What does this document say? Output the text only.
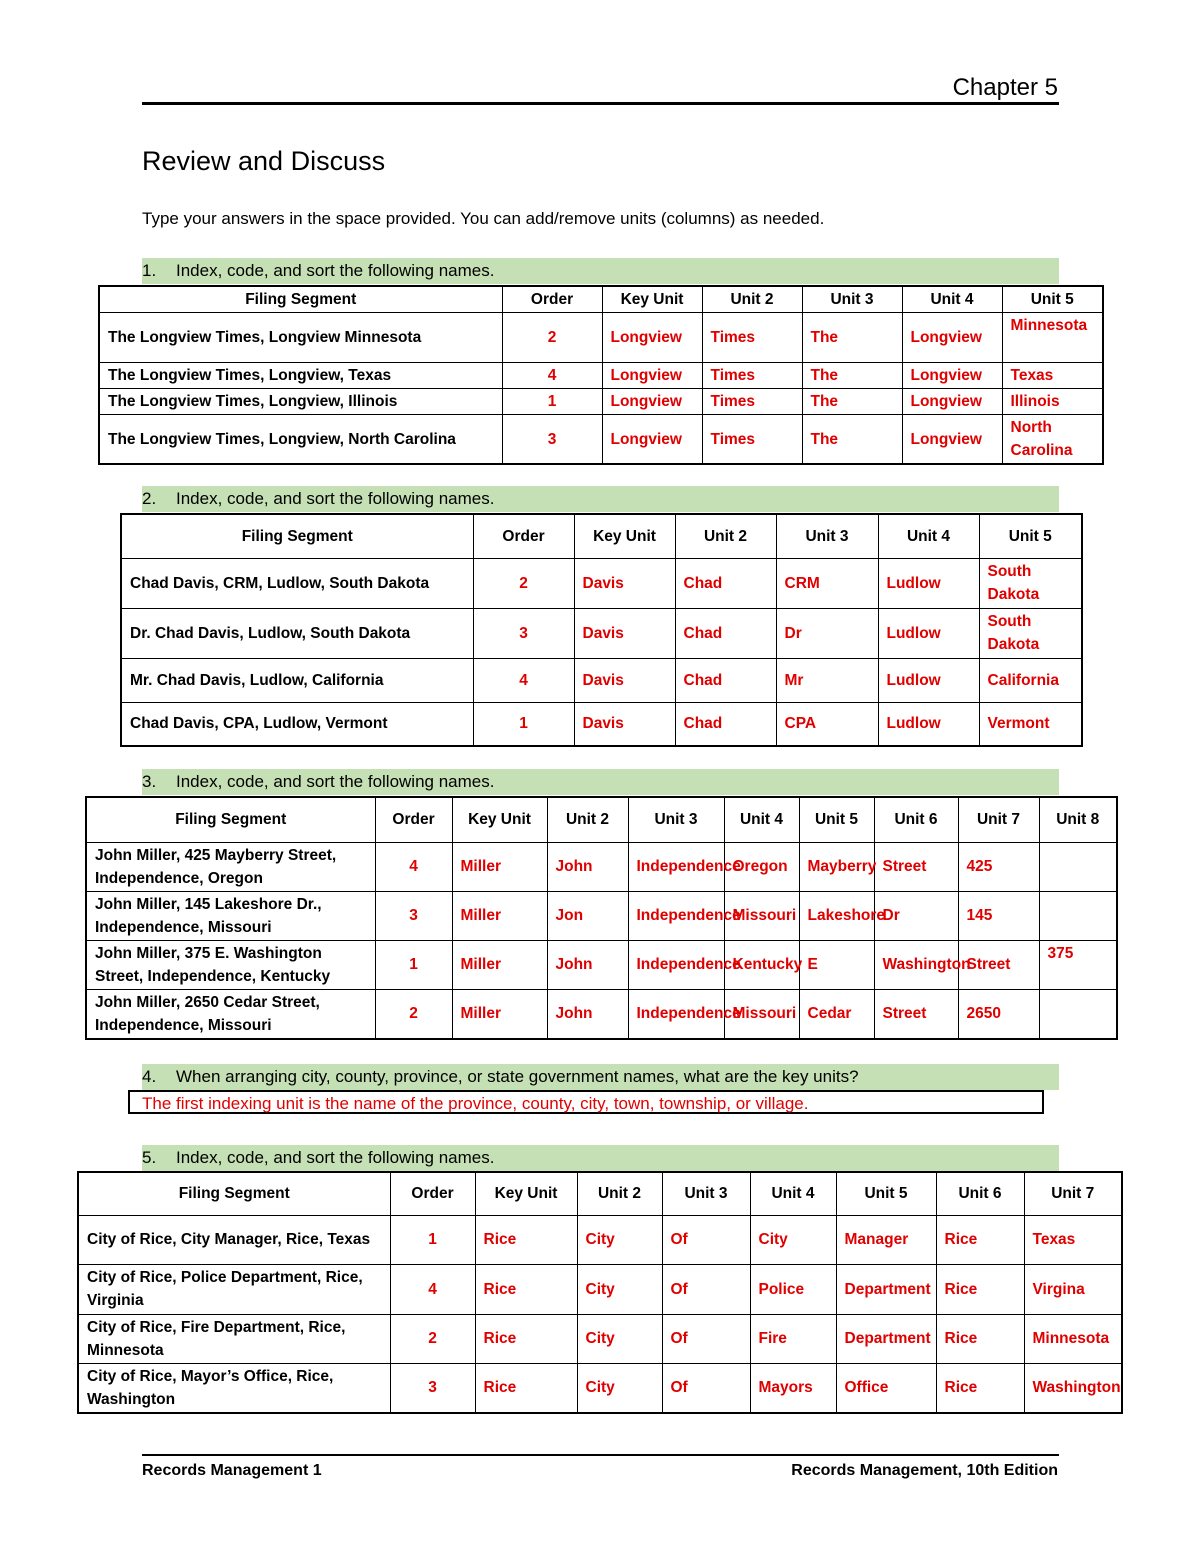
Chapter 5
Review and Discuss
Type your answers in the space provided. You can add/remove units (columns) as needed.
1. Index, code, and sort the following names.
Filing Segment	Order	Key Unit	Unit 2	Unit 3	Unit 4	Unit 5
The Longview Times, Longview Minnesota	2	Longview	Times	The	Longview	Minnesota
The Longview Times, Longview, Texas	4	Longview	Times	The	Longview	Texas
The Longview Times, Longview, Illinois	1	Longview	Times	The	Longview	Illinois
The Longview Times, Longview, North Carolina	3	Longview	Times	The	Longview	North Carolina
2. Index, code, and sort the following names.
Filing Segment	Order	Key Unit	Unit 2	Unit 3	Unit 4	Unit 5
Chad Davis, CRM, Ludlow, South Dakota	2	Davis	Chad	CRM	Ludlow	South Dakota
Dr. Chad Davis, Ludlow, South Dakota	3	Davis	Chad	Dr	Ludlow	South Dakota
Mr. Chad Davis, Ludlow, California	4	Davis	Chad	Mr	Ludlow	California
Chad Davis, CPA, Ludlow, Vermont	1	Davis	Chad	CPA	Ludlow	Vermont
3. Index, code, and sort the following names.
Filing Segment	Order	Key Unit	Unit 2	Unit 3	Unit 4	Unit 5	Unit 6	Unit 7	Unit 8
John Miller, 425 Mayberry Street, Independence, Oregon	4	Miller	John	Independence	Oregon	Mayberry	Street	425	
John Miller, 145 Lakeshore Dr., Independence, Missouri	3	Miller	Jon	Independence	Missouri	Lakeshore	Dr	145	
John Miller, 375 E. Washington Street, Independence, Kentucky	1	Miller	John	Independence	Kentucky	E	Washington	Street	375
John Miller, 2650 Cedar Street, Independence, Missouri	2	Miller	John	Independence	Missouri	Cedar	Street	2650	
4. When arranging city, county, province, or state government names, what are the key units?
The first indexing unit is the name of the province, county, city, town, township, or village.
5. Index, code, and sort the following names.
Filing Segment	Order	Key Unit	Unit 2	Unit 3	Unit 4	Unit 5	Unit 6	Unit 7
City of Rice, City Manager, Rice, Texas	1	Rice	City	Of	City	Manager	Rice	Texas
City of Rice, Police Department, Rice, Virginia	4	Rice	City	Of	Police	Department	Rice	Virgina
City of Rice, Fire Department, Rice, Minnesota	2	Rice	City	Of	Fire	Department	Rice	Minnesota
City of Rice, Mayor’s Office, Rice, Washington	3	Rice	City	Of	Mayors	Office	Rice	Washington
Records Management 1	Records Management, 10th Edition
